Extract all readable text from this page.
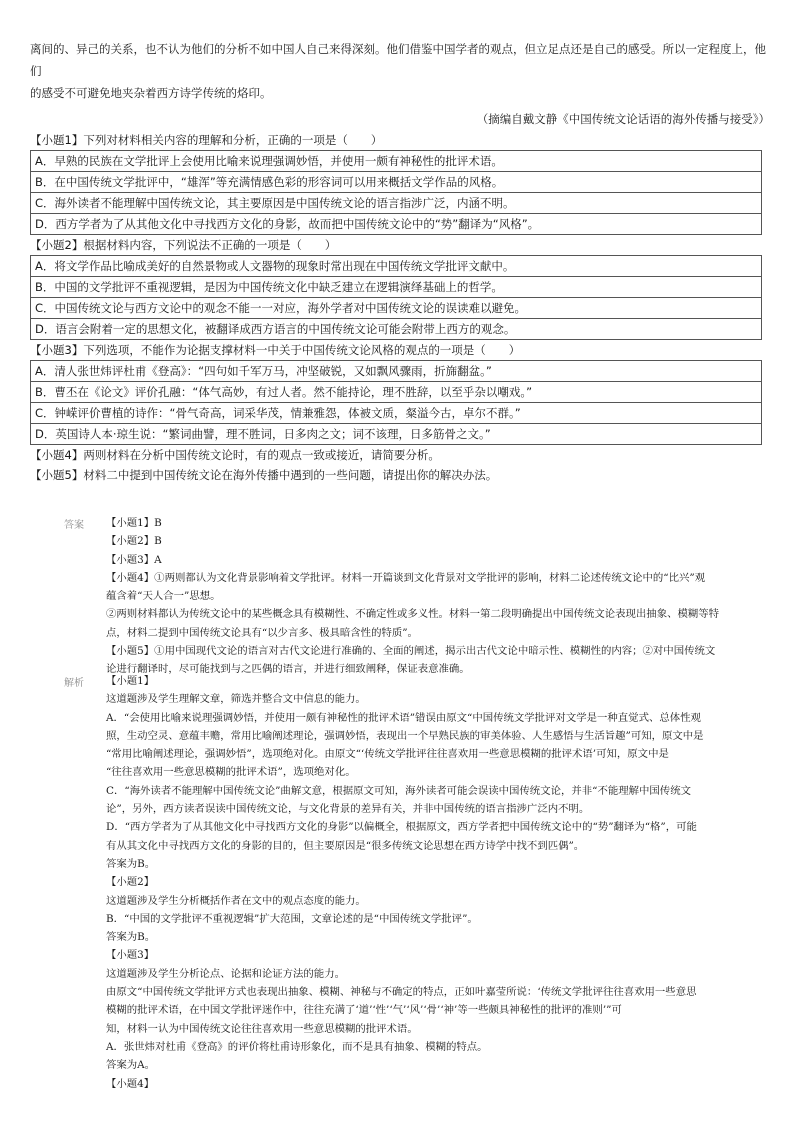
离间的、异己的关系，也不认为他们的分析不如中国人自己来得深刻。他们借鉴中国学者的观点，但立足点还是自己的感受。所以一定程度上，他们

的感受不可避免地夹杂着西方诗学传统的烙印。

（摘编自戴文静《中国传统文论话语的海外传播与接受》）

【小题1】下列对材料相关内容的理解和分析，正确的一项是（　　）

A．早熟的民族在文学批评上会使用比喻来说理强调妙悟，并使用一颇有神秘性的批评术语。
B．在中国传统文学批评中，“雄浑”等充满情感色彩的形容词可以用来概括文学作品的风格。
C．海外读者不能理解中国传统文论，其主要原因是中国传统文论的语言指涉广泛，内涵不明。
D．西方学者为了从其他文化中寻找西方文化的身影，故而把中国传统文论中的“势”翻译为“风格”。

【小题2】根据材料内容，下列说法不正确的一项是（　　）

A．将文学作品比喻成美好的自然景物或人文器物的现象时常出现在中国传统文学批评文献中。
B．中国的文学批评不重视逻辑，是因为中国传统文化中缺乏建立在逻辑演绎基础上的哲学。
C．中国传统文论与西方文论中的观念不能一一对应，海外学者对中国传统文论的误读难以避免。
D．语言会附着一定的思想文化，被翻译成西方语言的中国传统文论可能会附带上西方的观念。

【小题3】下列选项，不能作为论据支撑材料一中关于中国传统文论风格的观点的一项是（　　）

A．清人张世炜评杜甫《登高》：“四句如千军万马，冲坚破锐，又如飘风骤雨，折旆翻盆。”
B．曹丕在《论文》评价孔融：“体气高妙，有过人者。然不能持论，理不胜辞，以至乎杂以嘲戏。”
C．钟嵘评价曹植的诗作：“骨气奇高，词采华茂，情兼雅怨，体被文质，粲溢今古，卓尔不群。”
D．英国诗人本·琼生说：“繁词曲譬，理不胜词，日多肉之文；词不该理，日多筋骨之文。”

【小题4】两则材料在分析中国传统文论时，有的观点一致或接近，请简要分析。

【小题5】材料二中提到中国传统文论在海外传播中遇到的一些问题，请提出你的解决办法。

答案	【小题1】B

【小题2】B

【小题3】A

【小题4】①两则都认为文化背景影响着文学批评。材料一开篇谈到文化背景对文学批评的影响，材料二论述传统文论中的“比兴”观

蕴含着“天人合一”思想。

②两则材料都认为传统文论中的某些概念具有模糊性、不确定性或多义性。材料一第二段明确提出中国传统文论表现出抽象、模糊等特

点，材料二提到中国传统文论具有“以少言多、极具暗含性的特质”。

【小题5】①用中国现代文论的语言对古代文论进行准确的、全面的阐述，揭示出古代文论中暗示性、模糊性的内容；②对中国传统文

论进行翻译时，尽可能找到与之匹偶的语言，并进行细致阐释，保证表意准确。

解析	【小题1】

这道题涉及学生理解文章，筛选并整合文中信息的能力。

A．“会使用比喻来说理强调妙悟，并使用一颇有神秘性的批评术语”错误由原文“中国传统文学批评对文学是一种直觉式、总体性观

照，生动空灵、意蕴丰赡，常用比喻阐述理论，强调妙悟，表现出一个早熟民族的审美体验、人生感悟与生活旨趣”可知，原文中是

“常用比喻阐述理论，强调妙悟”，选项绝对化。由原文“‘传统文学批评往往喜欢用一些意思模糊的批评术语’可知，原文中是

“往往喜欢用一些意思模糊的批评术语”，选项绝对化。

C．“海外读者不能理解中国传统文论”曲解文意，根据原文可知，海外读者可能会误读中国传统文论，并非“不能理解中国传统文

论”，另外，西方读者误读中国传统文论，与文化背景的差异有关，并非中国传统的语言指涉广泛内不明。

D．“西方学者为了从其他文化中寻找西方文化的身影”以偏概全，根据原文，西方学者把中国传统文论中的“势”翻译为“格”，可能

有从其文化中寻找西方文化的身影的目的，但主要原因是“很多传统文论思想在西方诗学中找不到匹偶”。

答案为B。

【小题2】

这道题涉及学生分析概括作者在文中的观点态度的能力。

B．“中国的文学批评不重视逻辑”扩大范围，文章论述的是“中国传统文学批评”。

答案为B。

【小题3】

这道题涉及学生分析论点、论据和论证方法的能力。

由原文“中国传统文学批评方式也表现出抽象、模糊、神秘与不确定的特点，正如叶嘉莹所说：‘传统文学批评往往喜欢用一些意思

模糊的批评术语，在中国文学批评迷作中，往往充满了‘道’‘性’‘气’‘风’‘骨’‘神’等一些颇具神秘性的批评的准则’”可

知，材料一认为中国传统文论往往喜欢用一些意思模糊的批评术语。

A．张世炜对杜甫《登高》的评价将杜甫诗形象化，而不是具有抽象、模糊的特点。

答案为A。

【小题4】
